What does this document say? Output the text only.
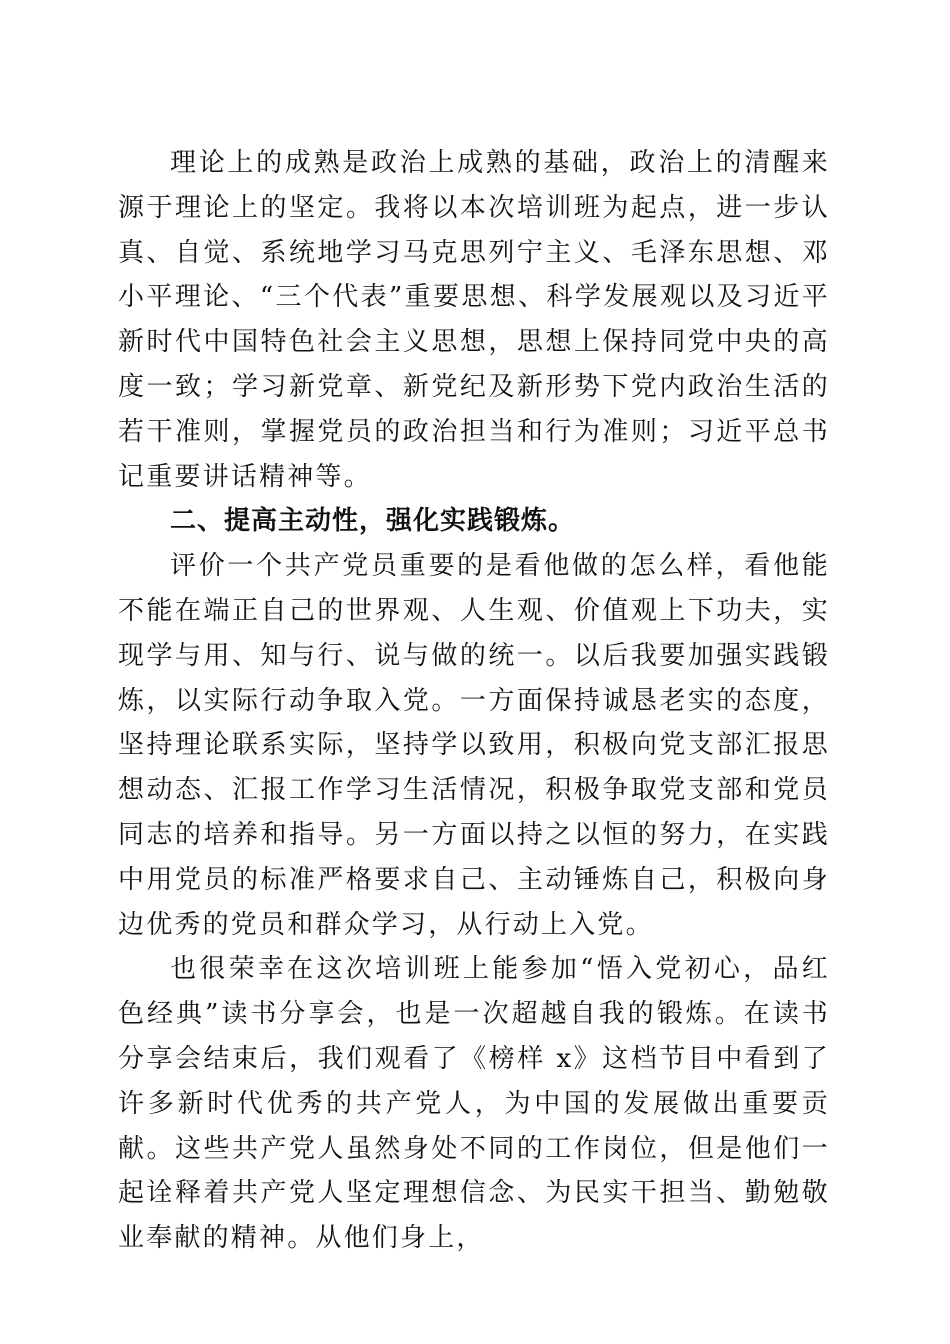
理论上的成熟是政治上成熟的基础，政治上的清醒来源于理论上的坚定。我将以本次培训班为起点，进一步认真、自觉、系统地学习马克思列宁主义、毛泽东思想、邓小平理论、“三个代表”重要思想、科学发展观以及习近平新时代中国特色社会主义思想，思想上保持同党中央的高度一致；学习新党章、新党纪及新形势下党内政治生活的若干准则，掌握党员的政治担当和行为准则；习近平总书记重要讲话精神等。

二、提高主动性，强化实践锻炼。

评价一个共产党员重要的是看他做的怎么样，看他能不能在端正自己的世界观、人生观、价值观上下功夫，实现学与用、知与行、说与做的统一。以后我要加强实践锻炼，以实际行动争取入党。一方面保持诚恳老实的态度，坚持理论联系实际，坚持学以致用，积极向党支部汇报思想动态、汇报工作学习生活情况，积极争取党支部和党员同志的培养和指导。另一方面以持之以恒的努力，在实践中用党员的标准严格要求自己、主动锤炼自己，积极向身边优秀的党员和群众学习，从行动上入党。

也很荣幸在这次培训班上能参加“悟入党初心，品红色经典”读书分享会，也是一次超越自我的锻炼。在读书分享会结束后，我们观看了《榜样 x》这档节目中看到了许多新时代优秀的共产党人，为中国的发展做出重要贡献。这些共产党人虽然身处不同的工作岗位，但是他们一起诠释着共产党人坚定理想信念、为民实干担当、勤勉敬业奉献的精神。从他们身上，
